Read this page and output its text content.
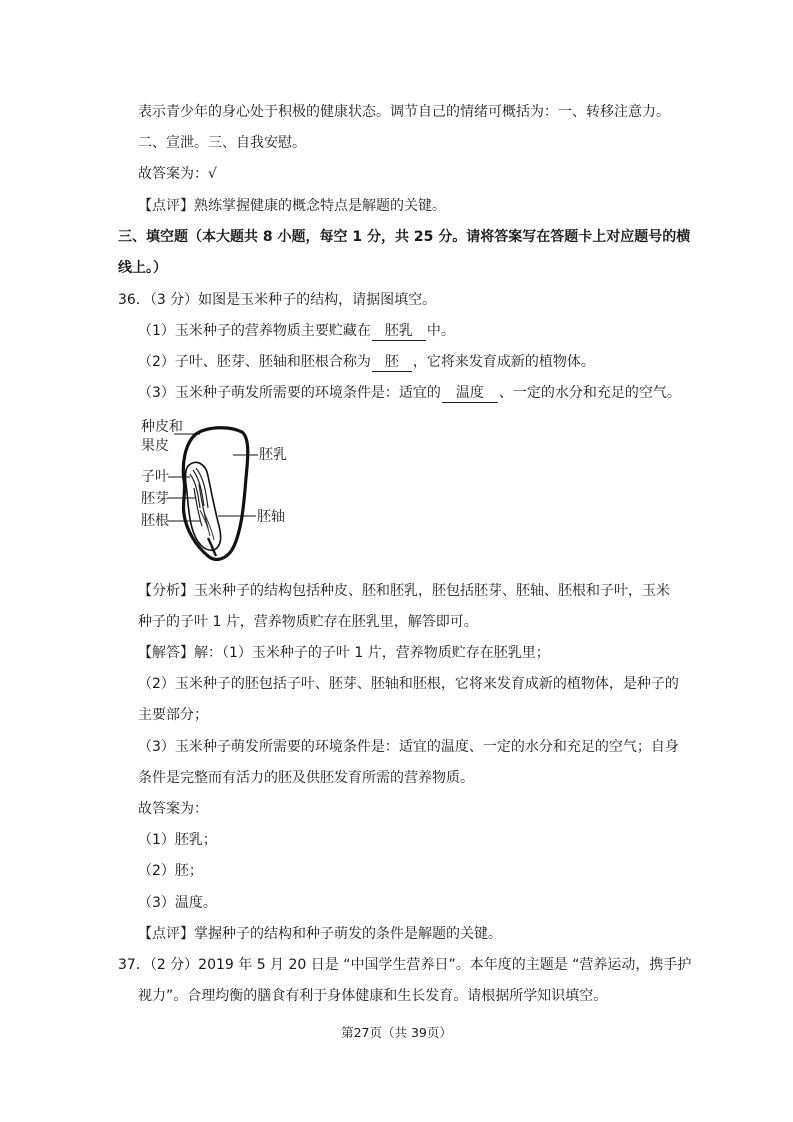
表示青少年的身心处于积极的健康状态。调节自己的情绪可概括为：一、转移注意力。
二、宣泄。三、自我安慰。
故答案为：√
【点评】熟练掌握健康的概念特点是解题的关键。
三、填空题（本大题共 8 小题，每空 1 分，共 25 分。请将答案写在答题卡上对应题号的横
线上。）
36．（3 分）如图是玉米种子的结构，请据图填空。
（1）玉米种子的营养物质主要贮藏在 胚乳 中。
（2）子叶、胚芽、胚轴和胚根合称为 胚 ，它将来发育成新的植物体。
（3）玉米种子萌发所需要的环境条件是：适宜的 温度 、一定的水分和充足的空气。
种皮和
果皮
胚乳
子叶
胚芽
胚根	胚轴
【分析】玉米种子的结构包括种皮、胚和胚乳，胚包括胚芽、胚轴、胚根和子叶，玉米
种子的子叶 1 片，营养物质贮存在胚乳里，解答即可。
【解答】解：（1）玉米种子的子叶 1 片，营养物质贮存在胚乳里；
（2）玉米种子的胚包括子叶、胚芽、胚轴和胚根，它将来发育成新的植物体，是种子的
主要部分；
（3）玉米种子萌发所需要的环境条件是：适宜的温度、一定的水分和充足的空气；自身
条件是完整而有活力的胚及供胚发育所需的营养物质。
故答案为：
（1）胚乳；
（2）胚；
（3）温度。
【点评】掌握种子的结构和种子萌发的条件是解题的关键。
37．（2 分）2019 年 5 月 20 日是 “中国学生营养日”。本年度的主题是 “营养运动，携手护
视力”。合理均衡的膳食有利于身体健康和生长发育。请根据所学知识填空。
第27页（共 39页）
